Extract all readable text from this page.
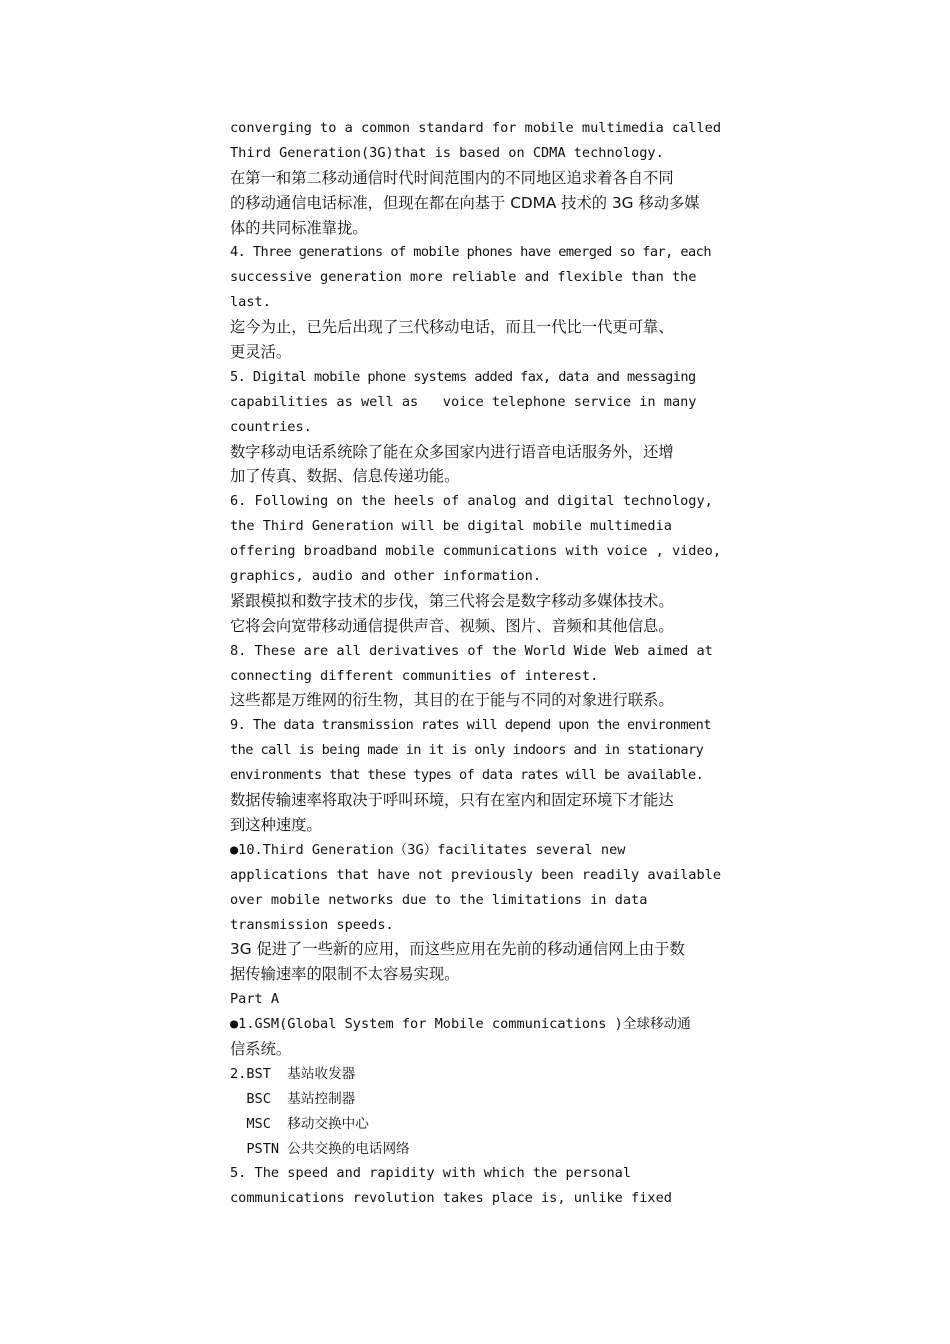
converging to a common standard for mobile multimedia called
Third Generation(3G)that is based on CDMA technology.
在第一和第二移动通信时代时间范围内的不同地区追求着各自不同
的移动通信电话标准，但现在都在向基于 CDMA 技术的 3G 移动多媒
体的共同标准靠拢。
4. Three generations of mobile phones have emerged so far, each
successive generation more reliable and flexible than the
last.
迄今为止，已先后出现了三代移动电话，而且一代比一代更可靠、
更灵活。
5. Digital mobile phone systems added fax, data and messaging
capabilities as well as   voice telephone service in many
countries.
数字移动电话系统除了能在众多国家内进行语音电话服务外，还增
加了传真、数据、信息传递功能。
6. Following on the heels of analog and digital technology,
the Third Generation will be digital mobile multimedia
offering broadband mobile communications with voice , video,
graphics, audio and other information.
紧跟模拟和数字技术的步伐，第三代将会是数字移动多媒体技术。
它将会向宽带移动通信提供声音、视频、图片、音频和其他信息。
8. These are all derivatives of the World Wide Web aimed at
connecting different communities of interest.
这些都是万维网的衍生物，其目的在于能与不同的对象进行联系。
9. The data transmission rates will depend upon the environment
the call is being made in it is only indoors and in stationary
environments that these types of data rates will be available.
数据传输速率将取决于呼叫环境，只有在室内和固定环境下才能达
到这种速度。
●10.Third Generation（3G）facilitates several new
applications that have not previously been readily available
over mobile networks due to the limitations in data
transmission speeds.
3G 促进了一些新的应用，而这些应用在先前的移动通信网上由于数
据传输速率的限制不太容易实现。
Part A
●1.GSM(Global System for Mobile communications )全球移动通
信系统。
2.BST  基站收发器
BSC  基站控制器
MSC  移动交换中心
PSTN 公共交换的电话网络
5. The speed and rapidity with which the personal
communications revolution takes place is, unlike fixed
